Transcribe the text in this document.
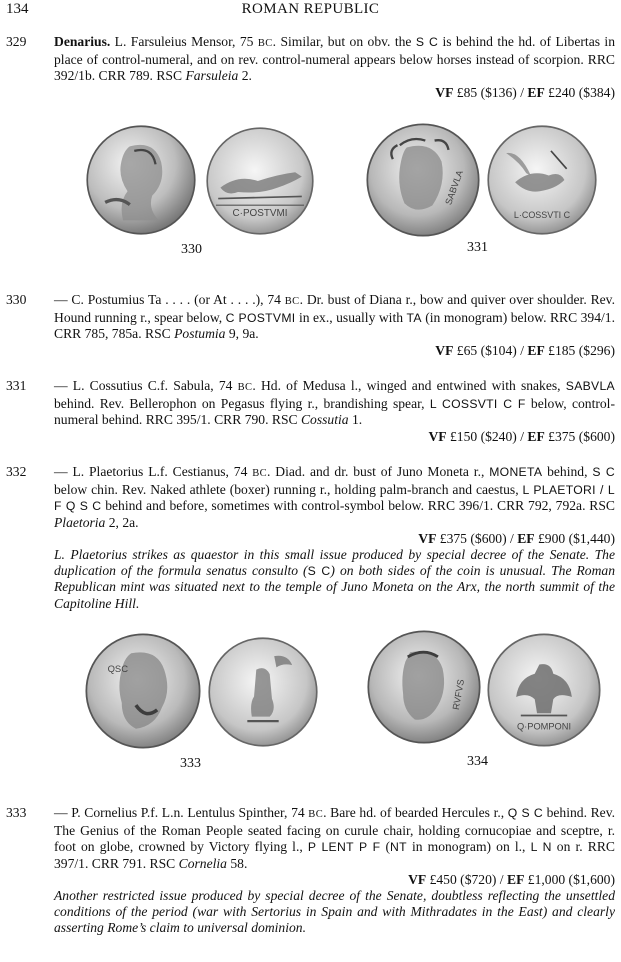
134	ROMAN REPUBLIC
329	Denarius. L. Farsuleius Mensor, 75 BC. Similar, but on obv. the S C is behind the hd. of Libertas in place of control-numeral, and on rev. control-numeral appears below horses instead of scorpion. RRC 392/1b. CRR 789. RSC Farsuleia 2.
VF £85 ($136) / EF £240 ($384)
C·POSTVMI
SABVLA
L·COSSVTI C
330	331
330	— C. Postumius Ta . . . . (or At . . . .), 74 BC. Dr. bust of Diana r., bow and quiver over shoulder. Rev. Hound running r., spear below, C POSTVMI in ex., usually with TA (in monogram) below. RRC 394/1. CRR 785, 785a. RSC Postumia 9, 9a.
VF £65 ($104) / EF £185 ($296)
331	— L. Cossutius C.f. Sabula, 74 BC. Hd. of Medusa l., winged and entwined with snakes, SABVLA behind. Rev. Bellerophon on Pegasus flying r., brandishing spear, L COSSVTI C F below, control-numeral behind. RRC 395/1. CRR 790. RSC Cossutia 1.
VF £150 ($240) / EF £375 ($600)
332	— L. Plaetorius L.f. Cestianus, 74 BC. Diad. and dr. bust of Juno Moneta r., MONETA behind, S C below chin. Rev. Naked athlete (boxer) running r., holding palm-branch and caestus, L PLAETORI / L F Q S C behind and before, sometimes with control-symbol below. RRC 396/1. CRR 792, 792a. RSC Plaetoria 2, 2a.
VF £375 ($600) / EF £900 ($1,440)
L. Plaetorius strikes as quaestor in this small issue produced by special decree of the Senate. The duplication of the formula senatus consulto (S C) on both sides of the coin is unusual. The Roman Republican mint was situated next to the temple of Juno Moneta on the Arx, the north summit of the Capitoline Hill.
QSC
RVFVS
Q·POMPONI
333	334
333	— P. Cornelius P.f. L.n. Lentulus Spinther, 74 BC. Bare hd. of bearded Hercules r., Q S C behind. Rev. The Genius of the Roman People seated facing on curule chair, holding cornucopiae and sceptre, r. foot on globe, crowned by Victory flying l., P LENT P F (NT in monogram) on l., L N on r. RRC 397/1. CRR 791. RSC Cornelia 58.
VF £450 ($720) / EF £1,000 ($1,600)
Another restricted issue produced by special decree of the Senate, doubtless reflecting the unsettled conditions of the period (war with Sertorius in Spain and with Mithradates in the East) and clearly asserting Rome’s claim to universal dominion.
